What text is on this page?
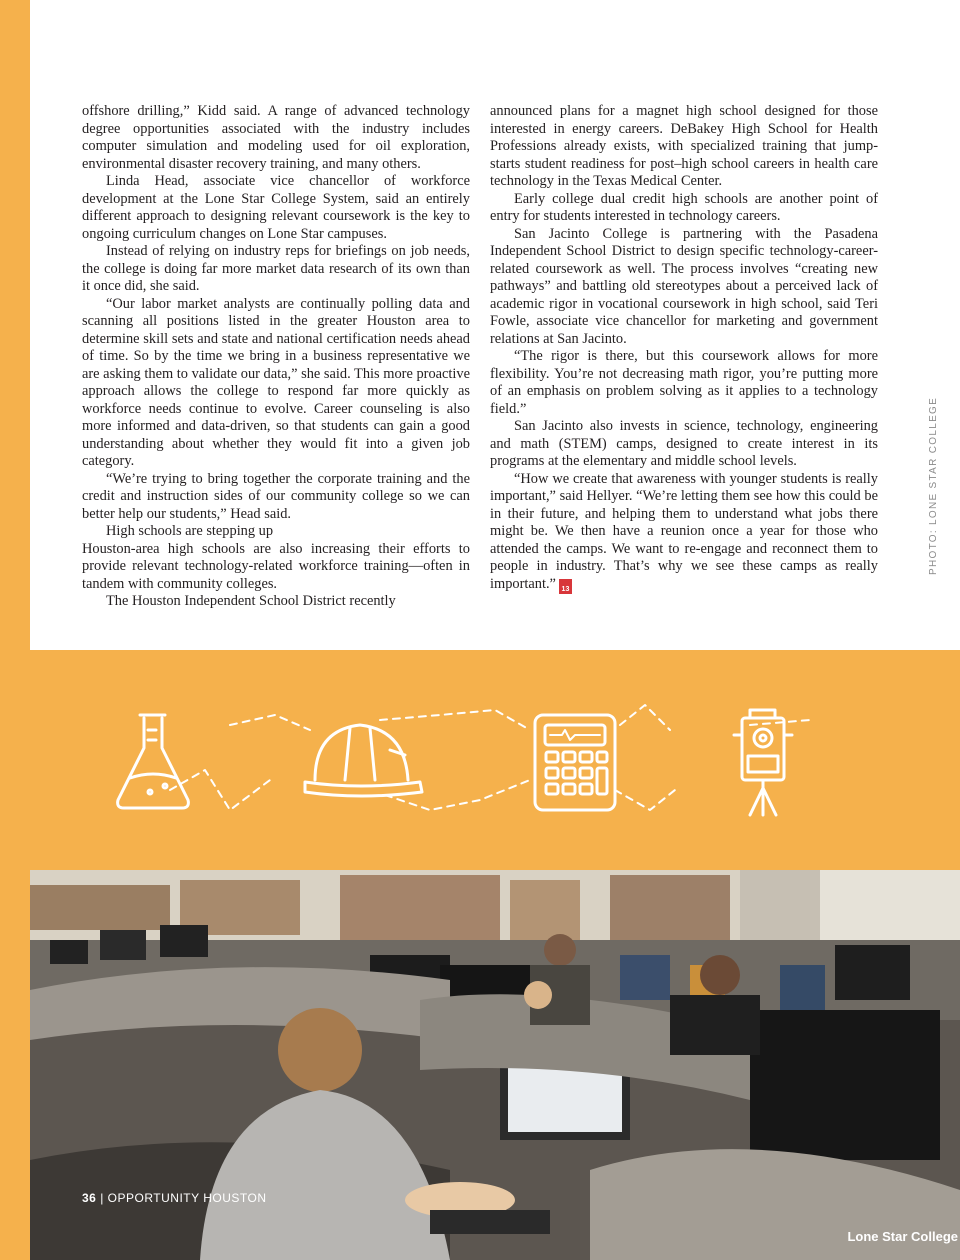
offshore drilling,” Kidd said. A range of advanced technology degree opportunities associated with the industry includes computer simulation and modeling used for oil exploration, environmental disaster recovery training, and many others.

Linda Head, associate vice chancellor of workforce development at the Lone Star College System, said an entirely different approach to designing relevant coursework is the key to ongoing curriculum changes on Lone Star campuses.

Instead of relying on industry reps for briefings on job needs, the college is doing far more market data research of its own than it once did, she said.

“Our labor market analysts are continually polling data and scanning all positions listed in the greater Houston area to determine skill sets and state and national certification needs ahead of time. So by the time we bring in a business representative we are asking them to validate our data,” she said. This more proactive approach allows the college to respond far more quickly as workforce needs continue to evolve. Career counseling is also more informed and data-driven, so that students can gain a good understanding about whether they would fit into a given job category.

“We’re trying to bring together the corporate training and the credit and instruction sides of our community college so we can better help our students,” Head said.

High schools are stepping up

Houston-area high schools are also increasing their efforts to provide relevant technology-related workforce training—often in tandem with community colleges.

The Houston Independent School District recently

announced plans for a magnet high school designed for those interested in energy careers. DeBakey High School for Health Professions already exists, with specialized training that jump-starts student readiness for post–high school careers in health care technology in the Texas Medical Center.

Early college dual credit high schools are another point of entry for students interested in technology careers.

San Jacinto College is partnering with the Pasadena Independent School District to design specific technology-career-related coursework as well. The process involves “creating new pathways” and battling old stereotypes about a perceived lack of academic rigor in vocational coursework in high school, said Teri Fowle, associate vice chancellor for marketing and government relations at San Jacinto.

“The rigor is there, but this coursework allows for more flexibility. You’re not decreasing math rigor, you’re putting more of an emphasis on problem solving as it applies to a technology field.”

San Jacinto also invests in science, technology, engineering and math (STEM) camps, designed to create interest in its programs at the elementary and middle school levels.

“How we create that awareness with younger students is really important,” said Hellyer. “We’re letting them see how this could be in their future, and helping them to understand what jobs there might be. We then have a reunion once a year for those who attended the camps. We want to re-engage and reconnect them to people in industry. That’s why we see these camps as really important.”	20
13

PHOTO: LONE STAR COLLEGE
36 | OPPORTUNITY HOUSTON
Lone Star College
